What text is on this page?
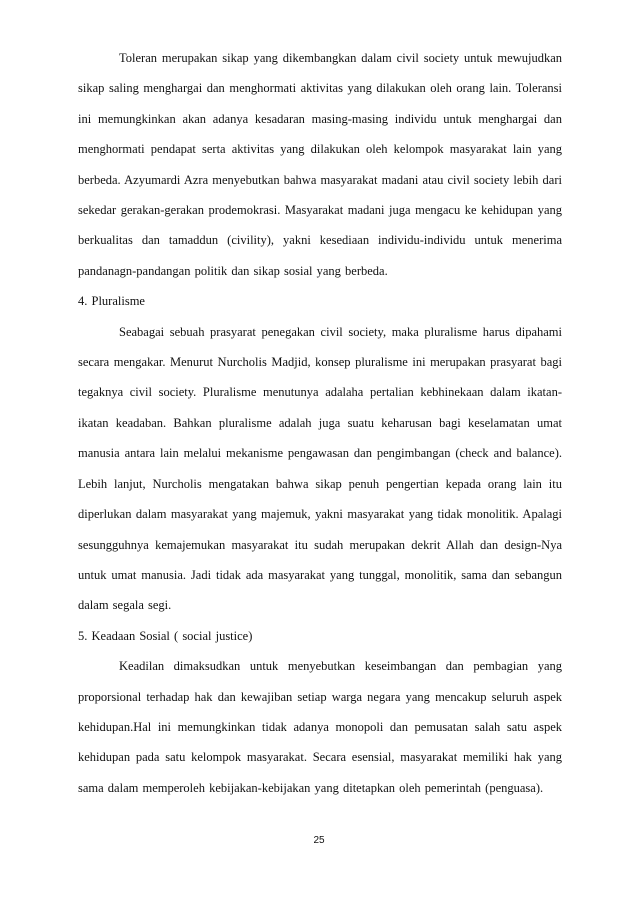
Toleran merupakan sikap yang dikembangkan dalam civil society untuk mewujudkan sikap saling menghargai dan menghormati aktivitas yang dilakukan oleh orang lain. Toleransi ini memungkinkan akan adanya kesadaran masing-masing individu untuk menghargai dan menghormati pendapat serta aktivitas yang dilakukan oleh kelompok masyarakat lain yang berbeda. Azyumardi Azra menyebutkan bahwa masyarakat madani atau civil society lebih dari sekedar gerakan-gerakan prodemokrasi. Masyarakat madani juga mengacu ke kehidupan yang berkualitas dan tamaddun (civility), yakni kesediaan individu-individu untuk menerima pandanagn-pandangan politik dan sikap sosial yang berbeda.

4. Pluralisme

Seabagai sebuah prasyarat penegakan civil society, maka pluralisme harus dipahami secara mengakar. Menurut Nurcholis Madjid, konsep pluralisme ini merupakan prasyarat bagi tegaknya civil society. Pluralisme menutunya adalaha pertalian kebhinekaan dalam ikatan-ikatan keadaban. Bahkan pluralisme adalah juga suatu keharusan bagi keselamatan umat manusia antara lain melalui mekanisme pengawasan dan pengimbangan (check and balance). Lebih lanjut, Nurcholis mengatakan bahwa sikap penuh pengertian kepada orang lain itu diperlukan dalam masyarakat yang majemuk, yakni masyarakat yang tidak monolitik. Apalagi sesungguhnya kemajemukan masyarakat itu sudah merupakan dekrit Allah dan design-Nya untuk umat manusia. Jadi tidak ada masyarakat yang tunggal, monolitik, sama dan sebangun dalam segala segi.

5. Keadaan Sosial ( social justice)

Keadilan dimaksudkan untuk menyebutkan keseimbangan dan pembagian yang proporsional terhadap hak dan kewajiban setiap warga negara yang mencakup seluruh aspek kehidupan.Hal ini memungkinkan tidak adanya monopoli dan pemusatan salah satu aspek kehidupan pada satu kelompok masyarakat. Secara esensial, masyarakat memiliki hak yang sama dalam memperoleh kebijakan-kebijakan yang ditetapkan oleh pemerintah (penguasa).

25
